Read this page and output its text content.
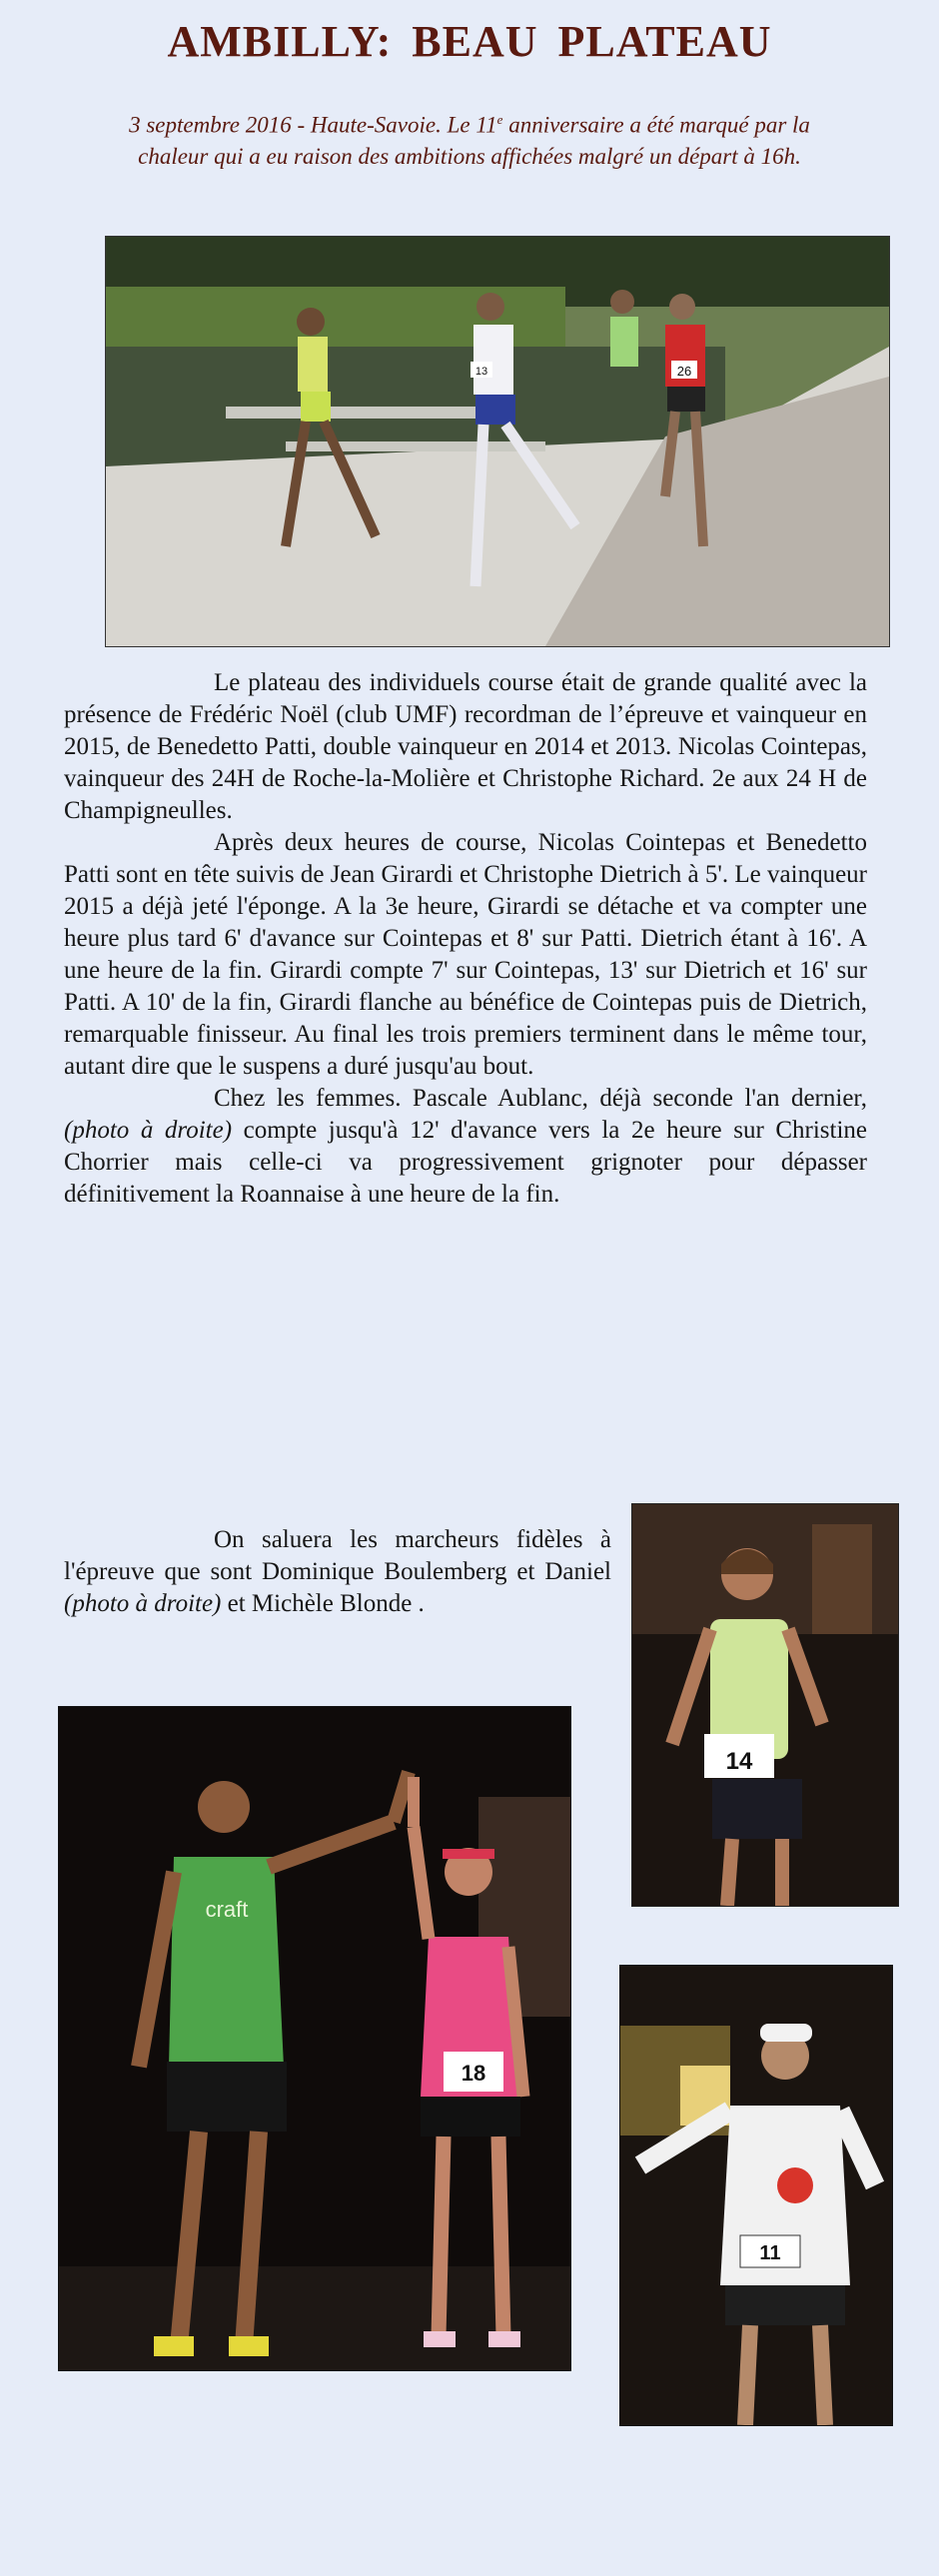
AMBILLY: BEAU PLATEAU
3 septembre 2016 - Haute-Savoie. Le 11e anniversaire a été marqué par la chaleur qui a eu raison des ambitions affichées malgré un départ à 16h.
26
13

Le plateau des individuels course était de grande qualité avec la présence de Frédéric Noël (club UMF) recordman de l’épreuve et vainqueur en 2015, de Benedetto Patti, double vainqueur en 2014 et 2013. Nicolas Cointepas, vainqueur des 24H de Roche-la-Molière et Christophe Richard. 2e aux 24 H de Champigneulles.

Après deux heures de course, Nicolas Cointepas et Benedetto Patti sont en tête suivis de Jean Girardi et Christophe Dietrich à 5'. Le vainqueur 2015 a déjà jeté l'éponge. A la 3e heure, Girardi se détache et va compter une heure plus tard 6' d'avance sur Cointepas et 8' sur Patti. Dietrich étant à 16'. A une heure de la fin. Girardi compte 7' sur Cointepas, 13' sur Dietrich et 16' sur Patti. A 10' de la fin, Girardi flanche au bénéfice de Cointepas puis de Dietrich, remarquable finisseur. Au final les trois premiers terminent dans le même tour, autant dire que le suspens a duré jusqu'au bout.

Chez les femmes. Pascale Aublanc, déjà seconde l'an dernier, (photo à droite) compte jusqu'à 12' d'avance vers la 2e heure sur Christine Chorrier mais celle-ci va progressivement grignoter pour dépasser définitivement la Roannaise à une heure de la fin.

On saluera les marcheurs fidèles à l'épreuve que sont Dominique Boulemberg et Daniel (photo à droite) et Michèle Blonde .

14
craft
18
11
